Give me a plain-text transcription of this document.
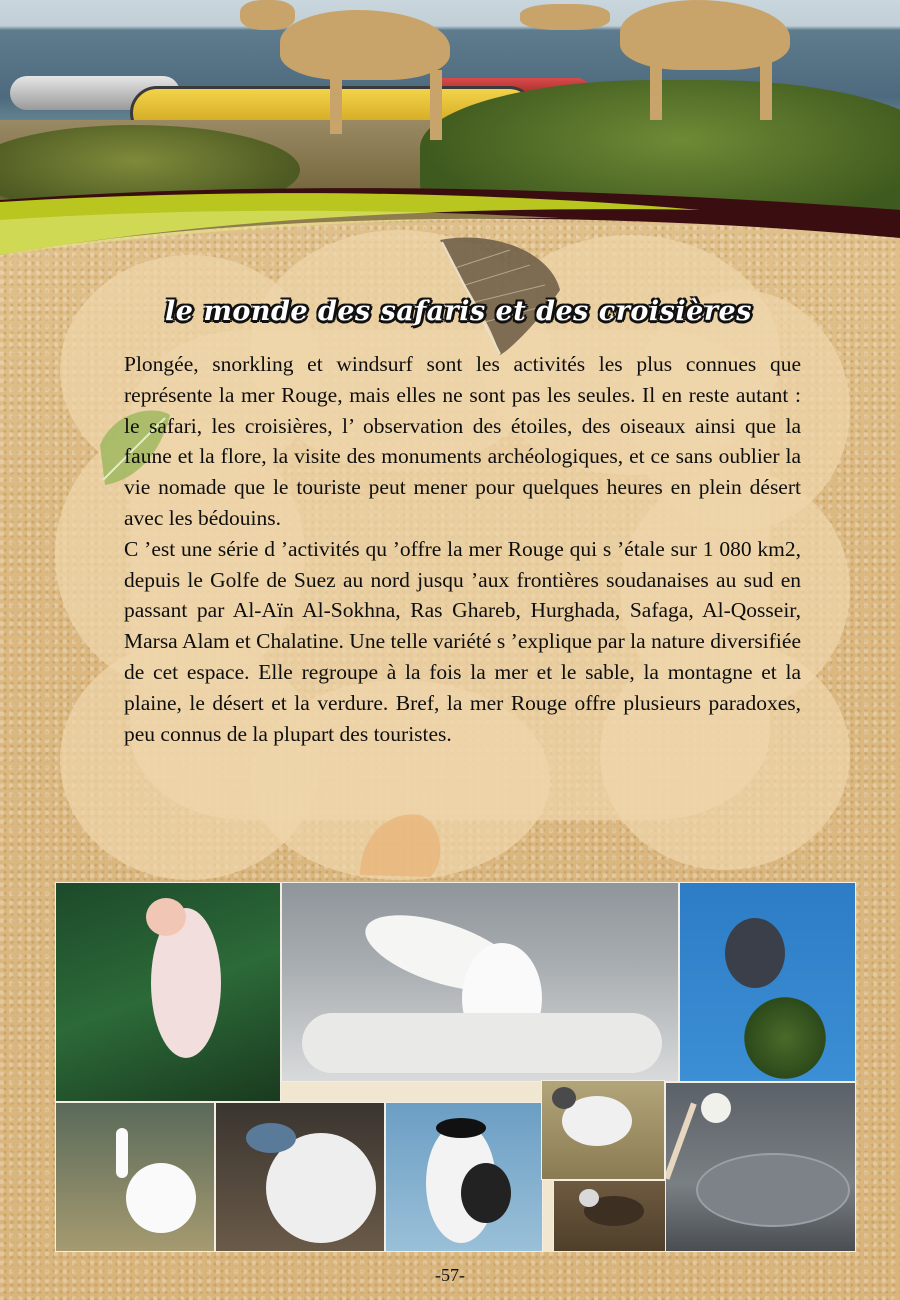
le monde des safaris et des croisières

Plongée, snorkling et windsurf sont les activités les plus connues que représente la mer Rouge, mais elles ne sont pas les seules. Il en reste autant : le safari, les croisières, l’ observation des étoiles, des oiseaux ainsi que la faune et la flore, la visite des monuments archéologiques, et ce sans oublier la vie nomade que le touriste peut mener pour quelques heures en plein désert avec les bédouins.

C ’est une série d ’activités qu ’offre la mer Rouge qui s ’étale sur 1 080 km2, depuis le Golfe de Suez au nord jusqu ’aux frontières soudanaises au sud en passant par Al-Aïn Al-Sokhna, Ras Ghareb, Hurghada, Safaga, Al-Qosseir, Marsa Alam et Chalatine. Une telle variété s ’explique par la nature diversifiée de cet espace. Elle regroupe à la fois la mer et le sable, la montagne et la plaine, le désert et la verdure. Bref, la mer Rouge offre plusieurs paradoxes, peu connus de la plupart des touristes.

-57-
